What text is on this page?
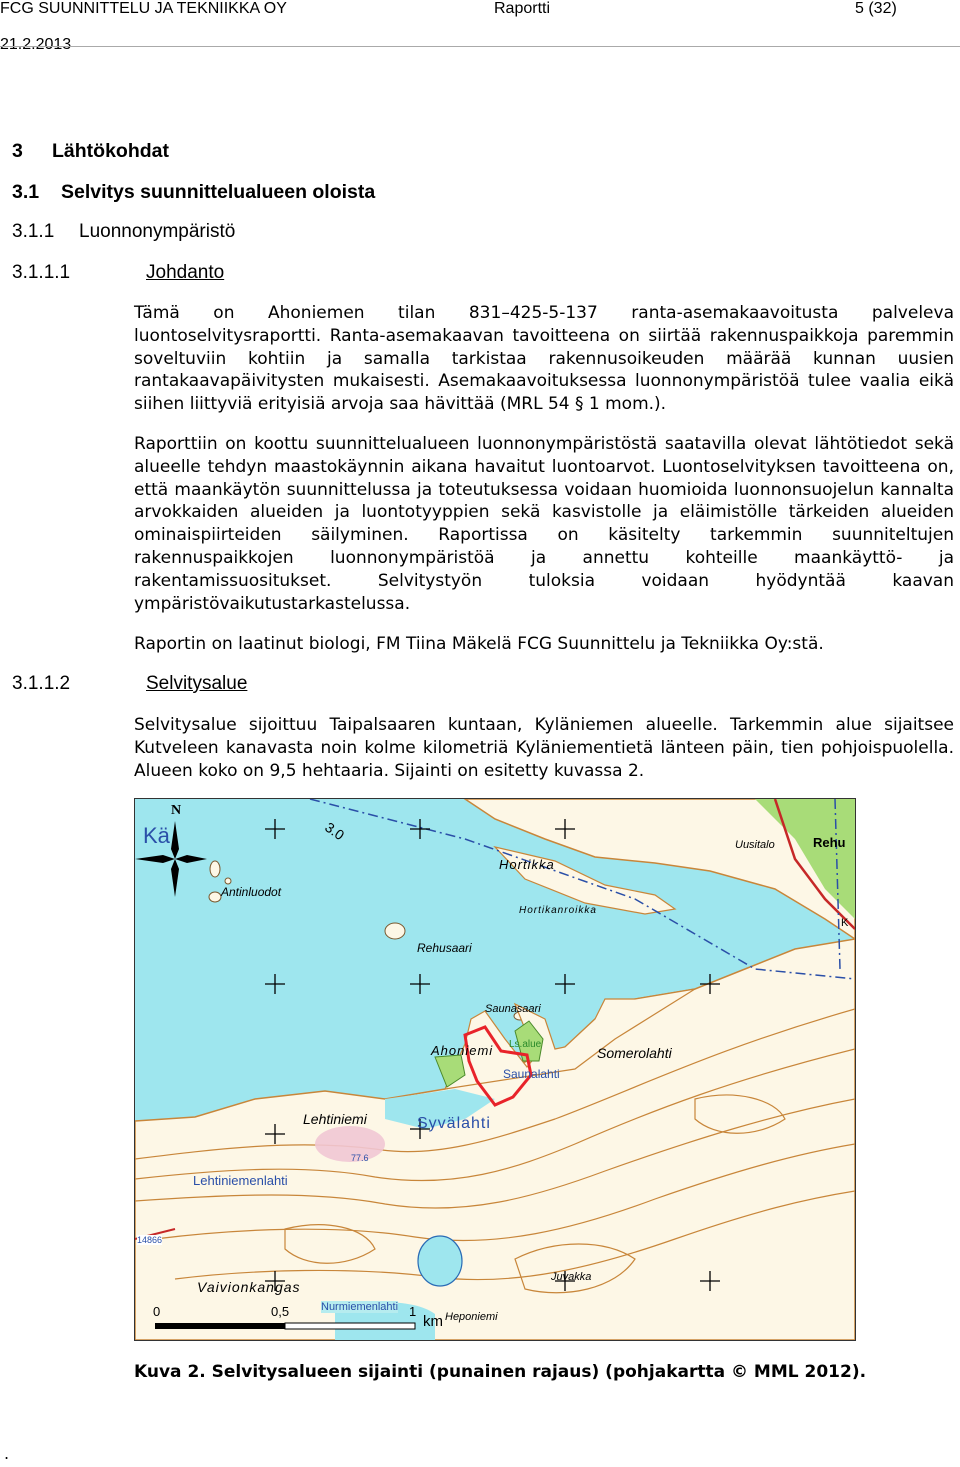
FCG SUUNNITTELU JA TEKNIIKKA OY	Raportti	5 (32)
21.2.2013
3 Lähtökohdat
3.1 Selvitys suunnittelualueen oloista
3.1.1 Luonnonympäristö
3.1.1.1	Johdanto
3.1.1.2	Selvitysalue
Tämä on Ahoniemen tilan 831–425-5-137 ranta-asemakaavoitusta palveleva luontoselvitysraportti. Ranta-asemakaavan tavoitteena on siirtää rakennuspaikkoja paremmin soveltuviin kohtiin ja samalla tarkistaa rakennusoikeuden määrää kunnan uusien rantakaavapäivitysten mukaisesti. Asemakaavoituksessa luonnonympäristöä tulee vaalia eikä siihen liittyviä erityisiä arvoja saa hävittää (MRL 54 § 1 mom.).
Raporttiin on koottu suunnittelualueen luonnonympäristöstä saatavilla olevat lähtötiedot sekä alueelle tehdyn maastokäynnin aikana havaitut luontoarvot. Luontoselvityksen tavoitteena on, että maankäytön suunnittelussa ja toteutuksessa voidaan huomioida luonnonsuojelun kannalta arvokkaiden alueiden ja luontotyyppien sekä kasvistolle ja eläimistölle tärkeiden alueiden ominaispiirteiden säilyminen. Raportissa on käsitelty tarkemmin suunniteltujen rakennuspaikkojen luonnonympäristöä ja annettu kohteille maankäyttö- ja rakentamissuositukset. Selvitystyön tuloksia voidaan hyödyntää kaavan ympäristövaikutustarkastelussa.
Raportin on laatinut biologi, FM Tiina Mäkelä FCG Suunnittelu ja Tekniikka Oy:stä.
Selvitysalue sijoittuu Taipalsaaren kuntaan, Kyläniemen alueelle. Tarkemmin alue sijaitsee Kutveleen kanavasta noin kolme kilometriä Kyläniemen​tietä länteen päin, tien pohjoispuolella. Alueen koko on 9,5 hehtaaria. Sijainti on esitetty kuvassa 2.
N
Kä	3.0
Antinluodot
Hortikka
Hortikanroikka
Rehusaari
Saunasaari
Ahoniemi Ls.alue
Somerolahti
Saunalahti
Lehtiniemi	Syvälahti
Lehtiniemenlahti
Uusitalo	Rehu
K
77.6
14866
Vaivionkangas
Juvakka
Nurmiemenlahti
Heponiemi
0	0,5	1
km
Kuva 2. Selvitysalueen sijainti (punainen rajaus) (pohjakartta © MML 2012).
.
